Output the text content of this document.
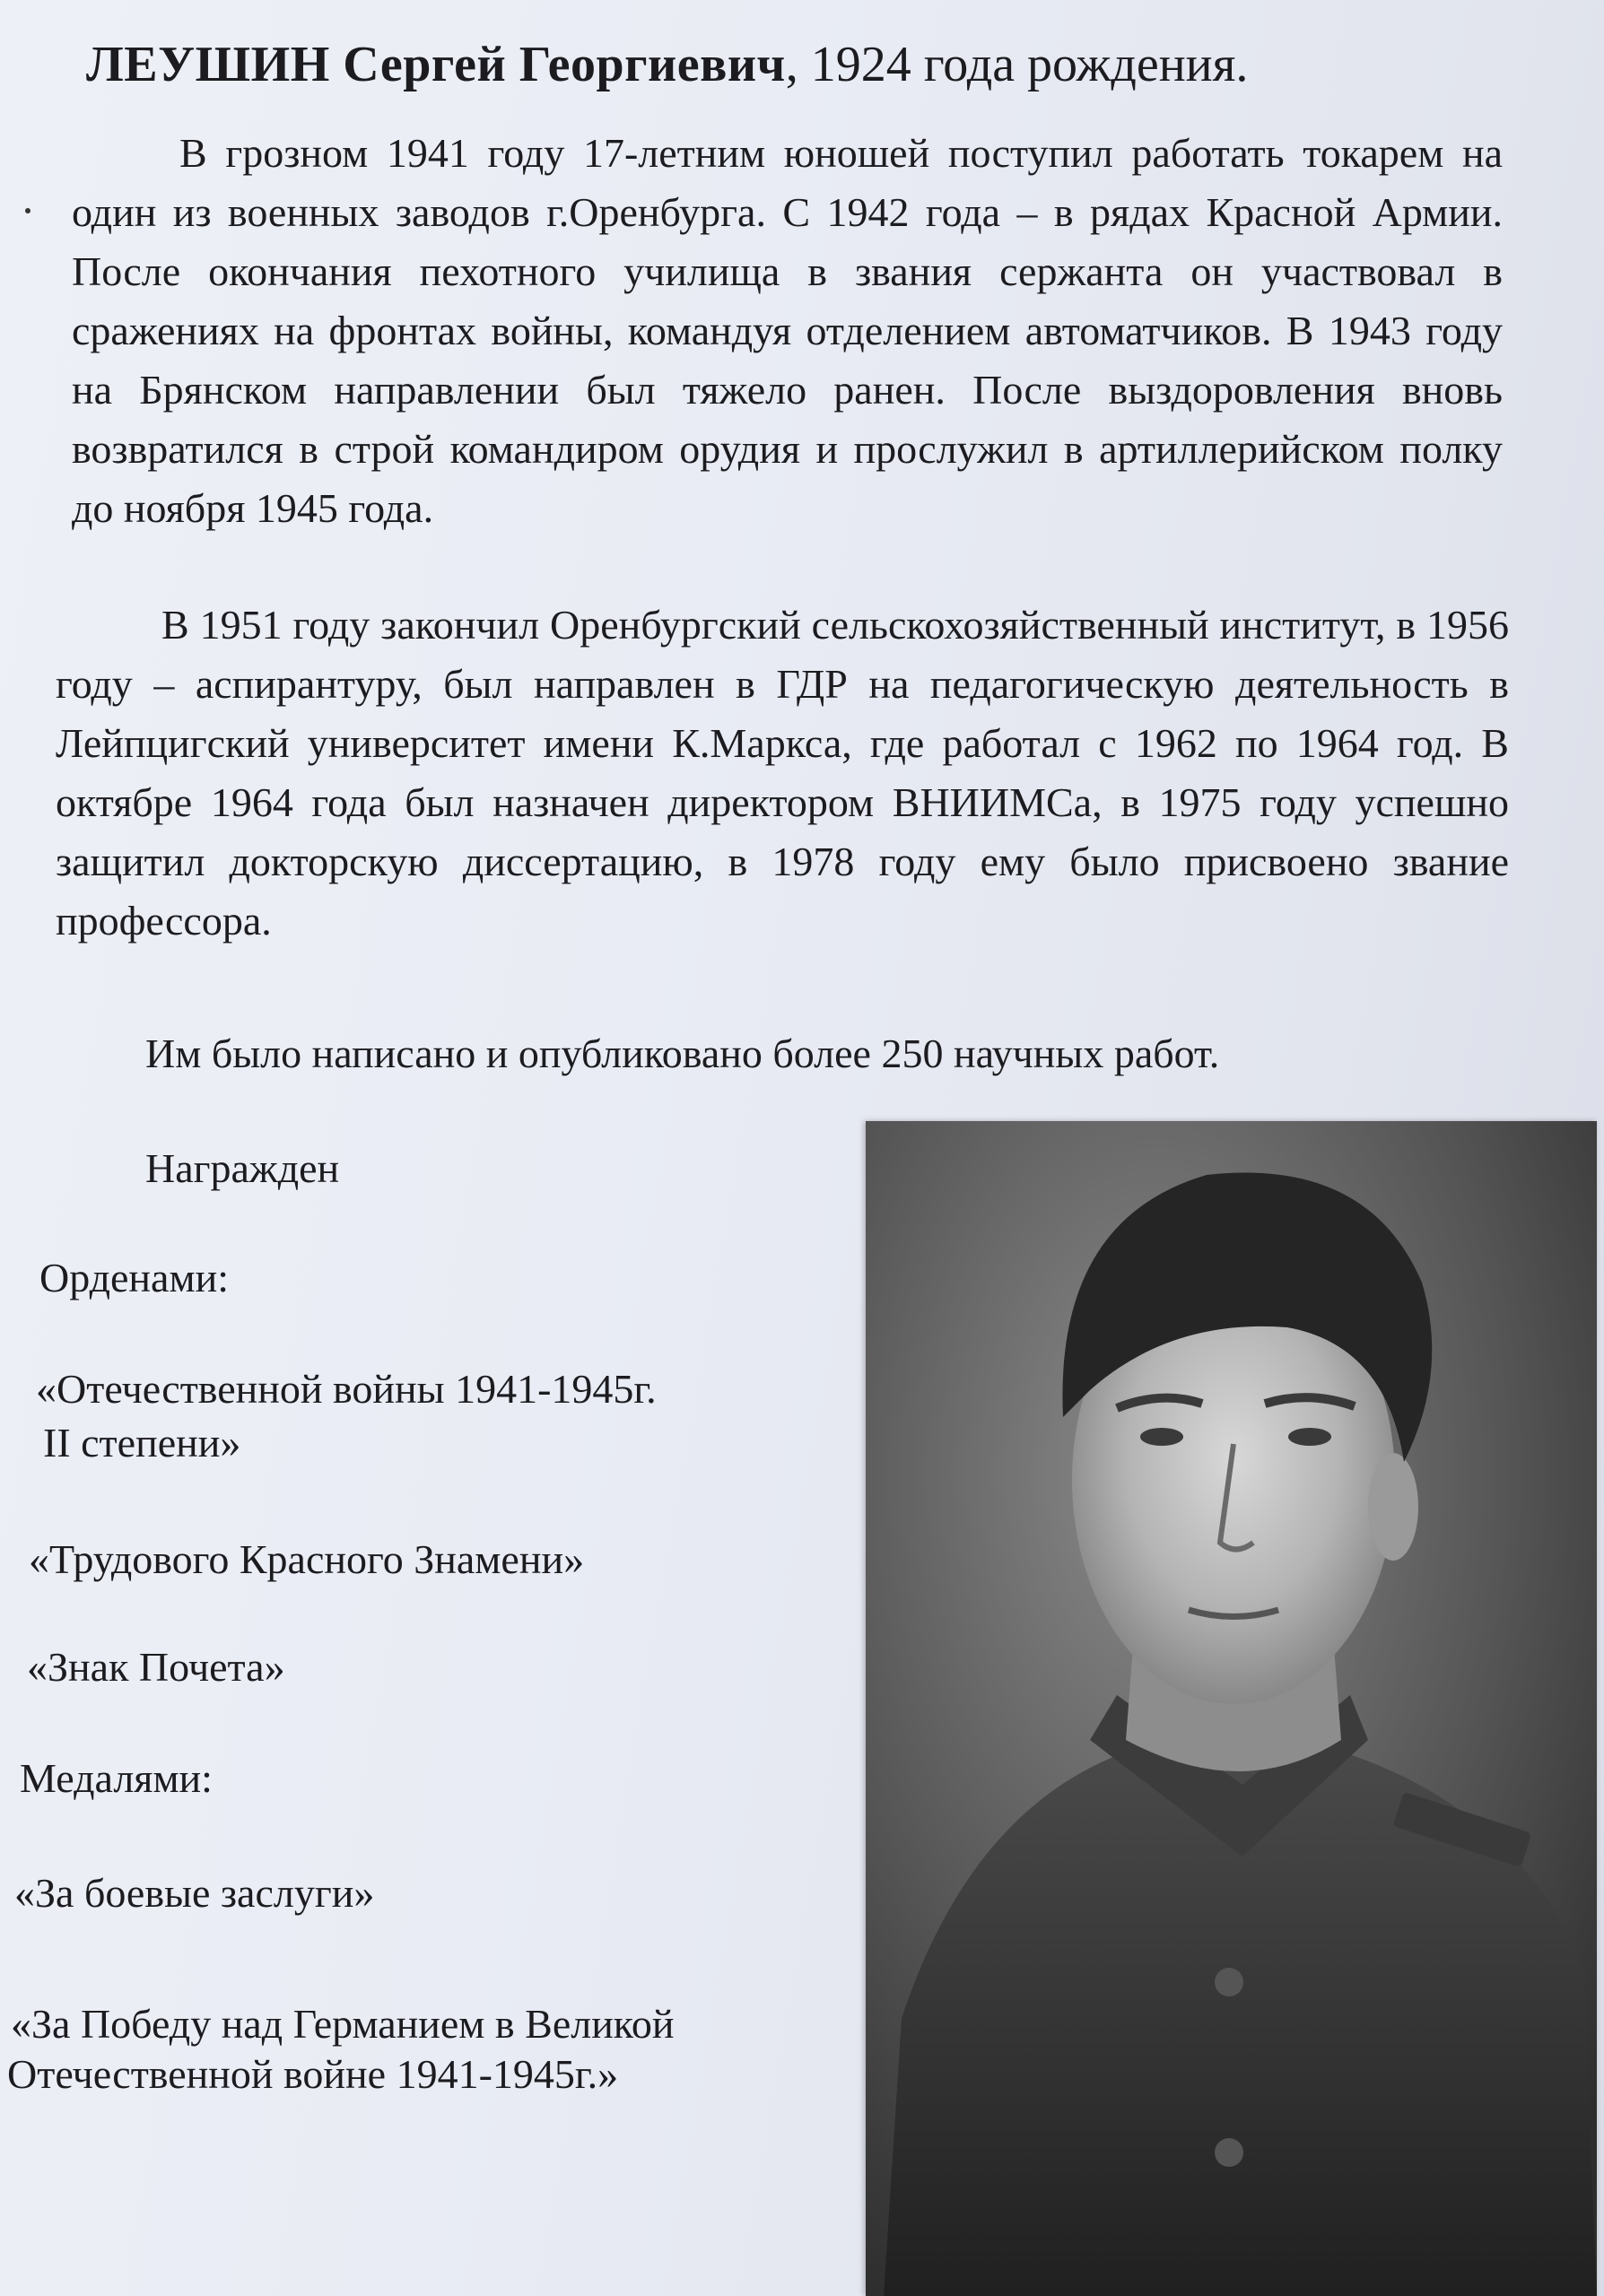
ЛЕУШИН Сергей Георгиевич, 1924 года рождения.

В грозном 1941 году 17-летним юношей поступил работать токарем на один из военных заводов г.Оренбурга. С 1942 года – в рядах Красной Армии. После окончания пехотного училища в звания сержанта он участвовал в сражениях на фронтах войны, командуя отделением автоматчиков. В 1943 году на Брянском направлении был тяжело ранен. После выздоровления вновь возвратился в строй командиром орудия и прослужил в артиллерийском полку до ноября 1945 года.

В 1951 году закончил Оренбургский сельскохозяйственный институт, в 1956 году – аспирантуру, был направлен в ГДР на педагогическую деятельность в Лейпцигский университет имени К.Маркса, где работал с 1962 по 1964 год. В октябре 1964 года был назначен директором ВНИИМСа, в 1975 году успешно защитил докторскую диссертацию, в 1978 году ему было присвоено звание профессора.

Им было написано и опубликовано более 250 научных работ.

Награжден
Орденами:
«Отечественной войны 1941-1945г.
II степени»
«Трудового Красного Знамени»
«Знак Почета»
Медалями:
«За боевые заслуги»
«За Победу над Германием в Великой
Отечественной войне 1941-1945г.»
